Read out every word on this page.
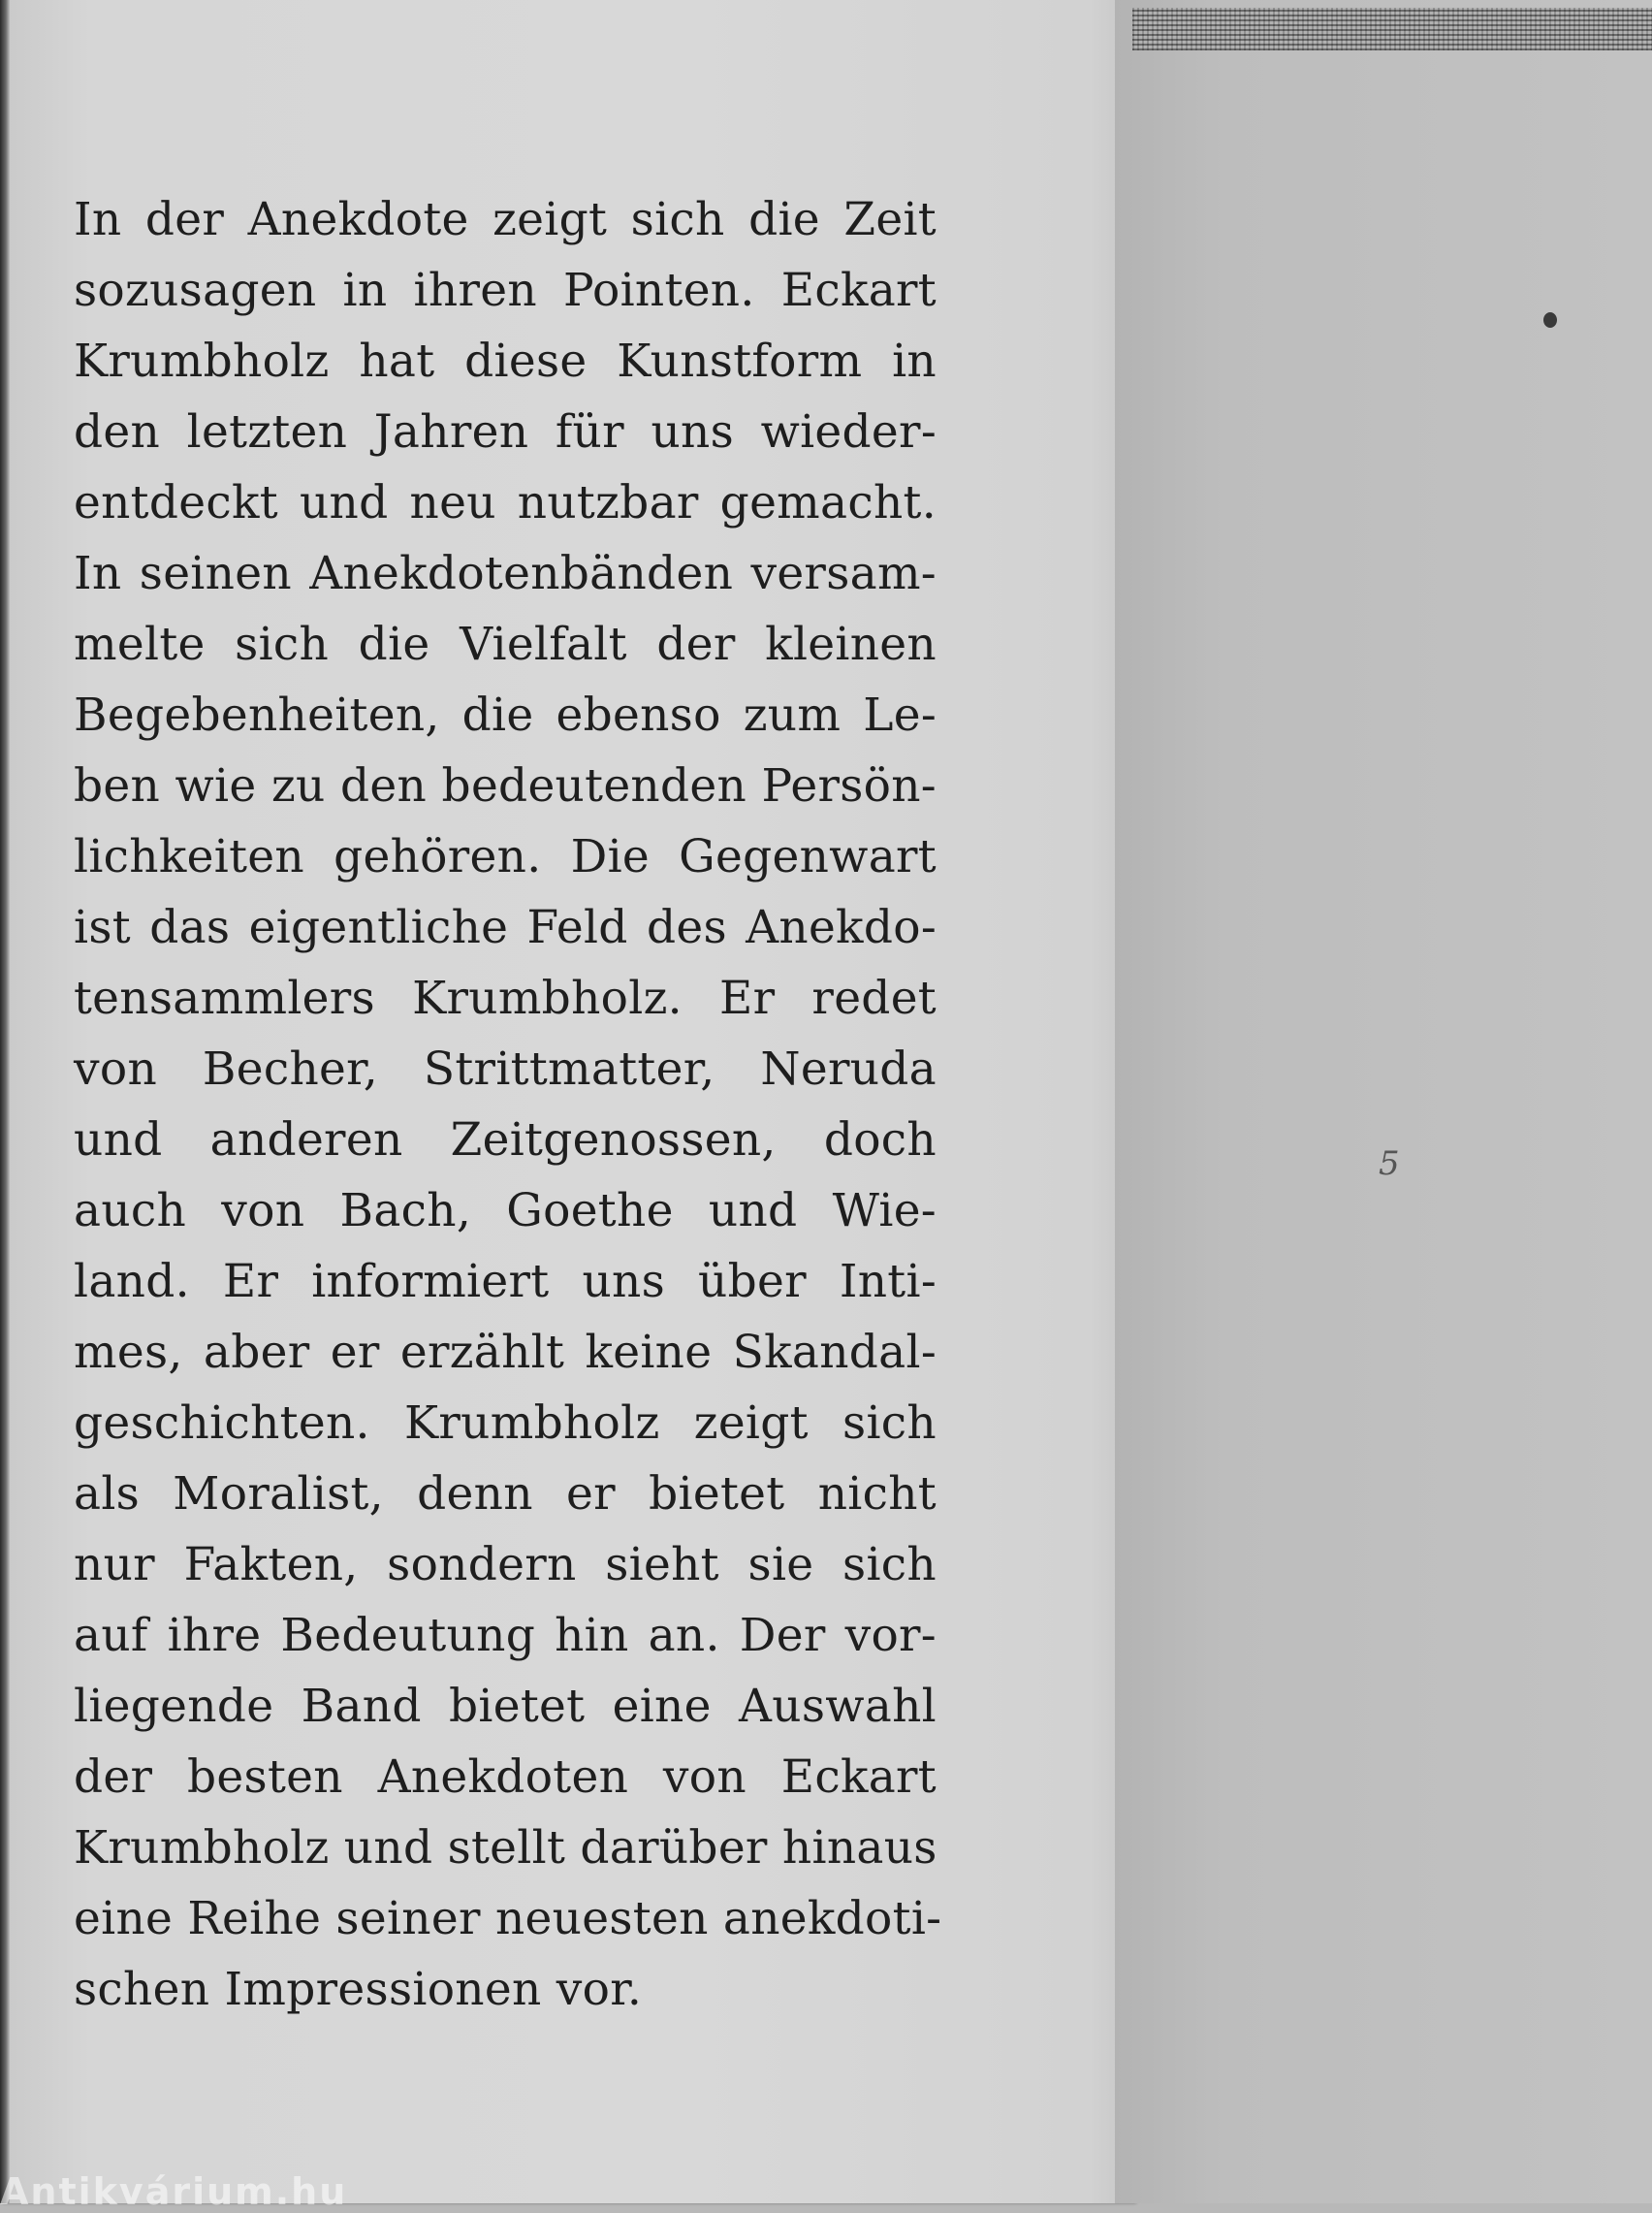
In der Anekdote zeigt sich die Zeit
sozusagen in ihren Pointen. Eckart
Krumbholz hat diese Kunstform in
den letzten Jahren für uns wieder-
entdeckt und neu nutzbar gemacht.
In seinen Anekdotenbänden versam-
melte sich die Vielfalt der kleinen
Begebenheiten, die ebenso zum Le-
ben wie zu den bedeutenden Persön-
lichkeiten gehören. Die Gegenwart
ist das eigentliche Feld des Anekdo-
tensammlers Krumbholz. Er redet
von Becher, Strittmatter, Neruda
und anderen Zeitgenossen, doch
auch von Bach, Goethe und Wie-
land. Er informiert uns über Inti-
mes, aber er erzählt keine Skandal-
geschichten. Krumbholz zeigt sich
als Moralist, denn er bietet nicht
nur Fakten, sondern sieht sie sich
auf ihre Bedeutung hin an. Der vor-
liegende Band bietet eine Auswahl
der besten Anekdoten von Eckart
Krumbholz und stellt darüber hinaus
eine Reihe seiner neuesten anekdoti-
schen Impressionen vor.
5
Antikvárium.hu
